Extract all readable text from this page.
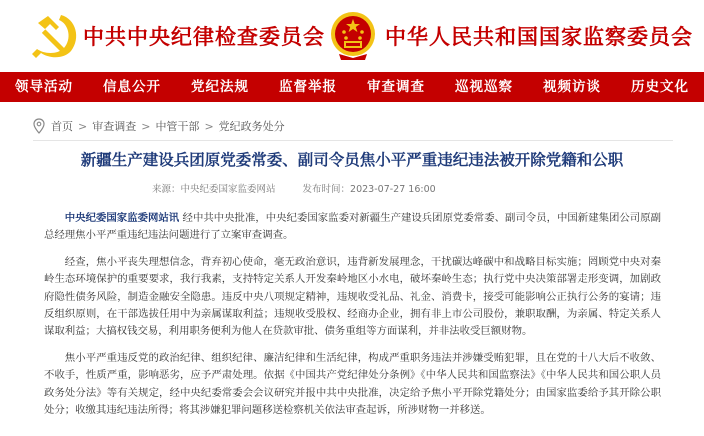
中共中央纪律检查委员会	中华人民共和国国家监察委员会
领导活动	信息公开	党纪法规	监督举报	审查调查	巡视巡察	视频访谈	历史文化
首页 > 审查调查 > 中管干部 > 党纪政务处分
新疆生产建设兵团原党委常委、副司令员焦小平严重违纪违法被开除党籍和公职
来源：中央纪委国家监委网站	发布时间：2023-07-27 16:00

中央纪委国家监委网站讯 经中共中央批准，中央纪委国家监委对新疆生产建设兵团原党委常委、副司令员，中国新建集团公司原副总经理焦小平严重违纪违法问题进行了立案审查调查。

经查，焦小平丧失理想信念，背弃初心使命，毫无政治意识，违背新发展理念，干扰碳达峰碳中和战略目标实施；罔顾党中央对秦岭生态环境保护的重要要求，我行我素，支持特定关系人开发秦岭地区小水电，破坏秦岭生态；执行党中央决策部署走形变调，加剧政府隐性债务风险，制造金融安全隐患。违反中央八项规定精神，违规收受礼品、礼金、消费卡，接受可能影响公正执行公务的宴请；违反组织原则，在干部选拔任用中为亲属谋取利益；违规收受股权、经商办企业，拥有非上市公司股份，兼职取酬，为亲属、特定关系人谋取利益；大搞权钱交易，利用职务便利为他人在贷款审批、债务重组等方面谋利，并非法收受巨额财物。

焦小平严重违反党的政治纪律、组织纪律、廉洁纪律和生活纪律，构成严重职务违法并涉嫌受贿犯罪，且在党的十八大后不收敛、不收手，性质严重，影响恶劣，应予严肃处理。依据《中国共产党纪律处分条例》《中华人民共和国监察法》《中华人民共和国公职人员政务处分法》等有关规定，经中央纪委常委会会议研究并报中共中央批准，决定给予焦小平开除党籍处分；由国家监委给予其开除公职处分；收缴其违纪违法所得；将其涉嫌犯罪问题移送检察机关依法审查起诉，所涉财物一并移送。
